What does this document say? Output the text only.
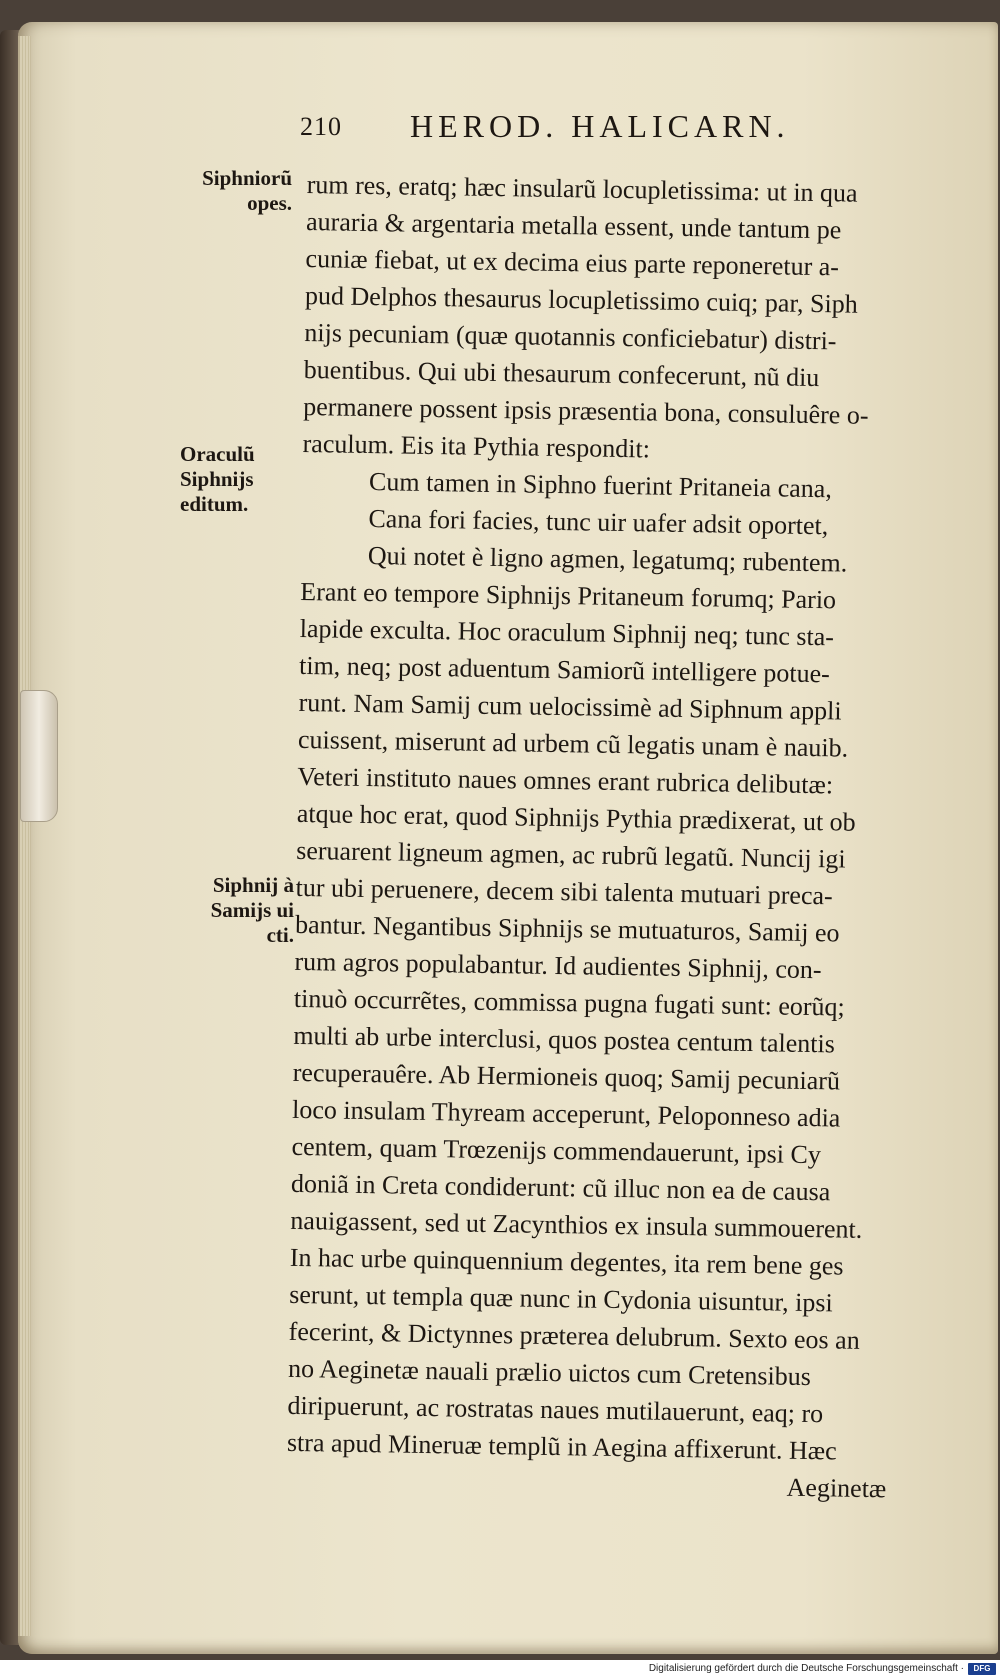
210 HEROD. HALICARN.
Siphniorũ opes.
Oraculũ Siphnijs editum.
Siphnij à Samijs ui cti.
rum res, eratq; hæc insularũ locupletissima: ut in qua
auraria & argentaria metalla essent, unde tantum pe
cuniæ fiebat, ut ex decima eius parte reponeretur a-
pud Delphos thesaurus locupletissimo cuiq; par, Siph
nijs pecuniam (quæ quotannis conficiebatur) distri-
buentibus. Qui ubi thesaurum confecerunt, nũ diu
permanere possent ipsis præsentia bona, consuluêre o-
raculum. Eis ita Pythia respondit:
Cum tamen in Siphno fuerint Pritaneia cana,
Cana fori facies, tunc uir uafer adsit oportet,
Qui notet è ligno agmen, legatumq; rubentem.
Erant eo tempore Siphnijs Pritaneum forumq; Pario
lapide exculta. Hoc oraculum Siphnij neq; tunc sta-
tim, neq; post aduentum Samiorũ intelligere potue-
runt. Nam Samij cum uelocissimè ad Siphnum appli
cuissent, miserunt ad urbem cũ legatis unam è nauib.
Veteri instituto naues omnes erant rubrica delibutæ:
atque hoc erat, quod Siphnijs Pythia prædixerat, ut ob
seruarent ligneum agmen, ac rubrũ legatũ. Nuncij igi
tur ubi peruenere, decem sibi talenta mutuari preca-
bantur. Negantibus Siphnijs se mutuaturos, Samij eo
rum agros populabantur. Id audientes Siphnij, con-
tinuò occurrẽtes, commissa pugna fugati sunt: eorũq;
multi ab urbe interclusi, quos postea centum talentis
recuperauêre. Ab Hermioneis quoq; Samij pecuniarũ
loco insulam Thyream acceperunt, Peloponneso adia
centem, quam Trœzenijs commendauerunt, ipsi Cy
doniã in Creta condiderunt: cũ illuc non ea de causa
nauigassent, sed ut Zacynthios ex insula summouerent.
In hac urbe quinquennium degentes, ita rem bene ges
serunt, ut templa quæ nunc in Cydonia uisuntur, ipsi
fecerint, & Dictynnes præterea delubrum. Sexto eos an
no Aeginetæ nauali prælio uictos cum Cretensibus
diripuerunt, ac rostratas naues mutilauerunt, eaq; ro
stra apud Mineruæ templũ in Aegina affixerunt. Hæc
Aeginetæ
Digitalisierung gefördert durch die Deutsche Forschungsgemeinschaft ·	DFG
